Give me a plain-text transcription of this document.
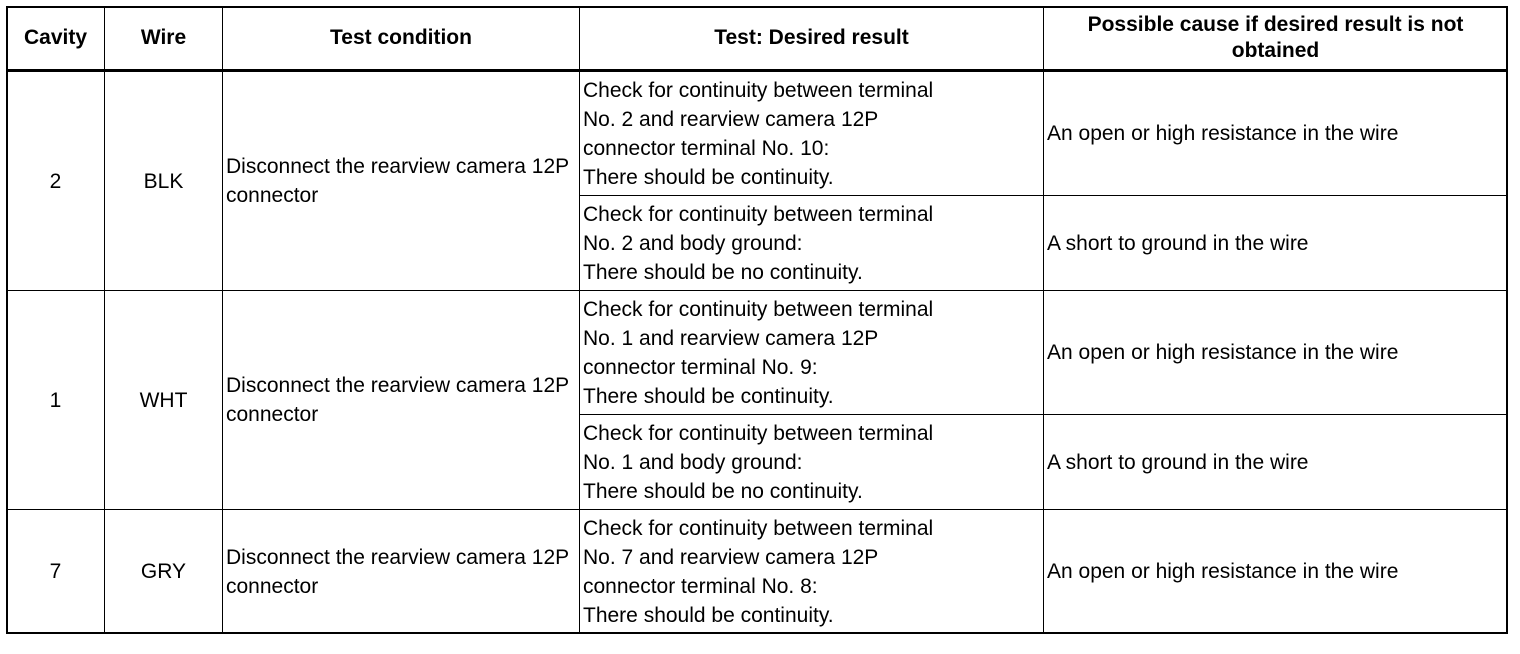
Cavity	Wire	Test condition	Test: Desired result	Possible cause if desired result is not obtained
2	BLK	Disconnect the rearview camera 12P connector	Check for continuity between terminal
No. 2 and rearview camera 12P
connector terminal No. 10:
There should be continuity.	An open or high resistance in the wire
			Check for continuity between terminal
No. 2 and body ground:
There should be no continuity.	A short to ground in the wire
1	WHT	Disconnect the rearview camera 12P connector	Check for continuity between terminal
No. 1 and rearview camera 12P
connector terminal No. 9:
There should be continuity.	An open or high resistance in the wire
			Check for continuity between terminal
No. 1 and body ground:
There should be no continuity.	A short to ground in the wire
7	GRY	Disconnect the rearview camera 12P connector	Check for continuity between terminal
No. 7 and rearview camera 12P
connector terminal No. 8:
There should be continuity.	An open or high resistance in the wire
